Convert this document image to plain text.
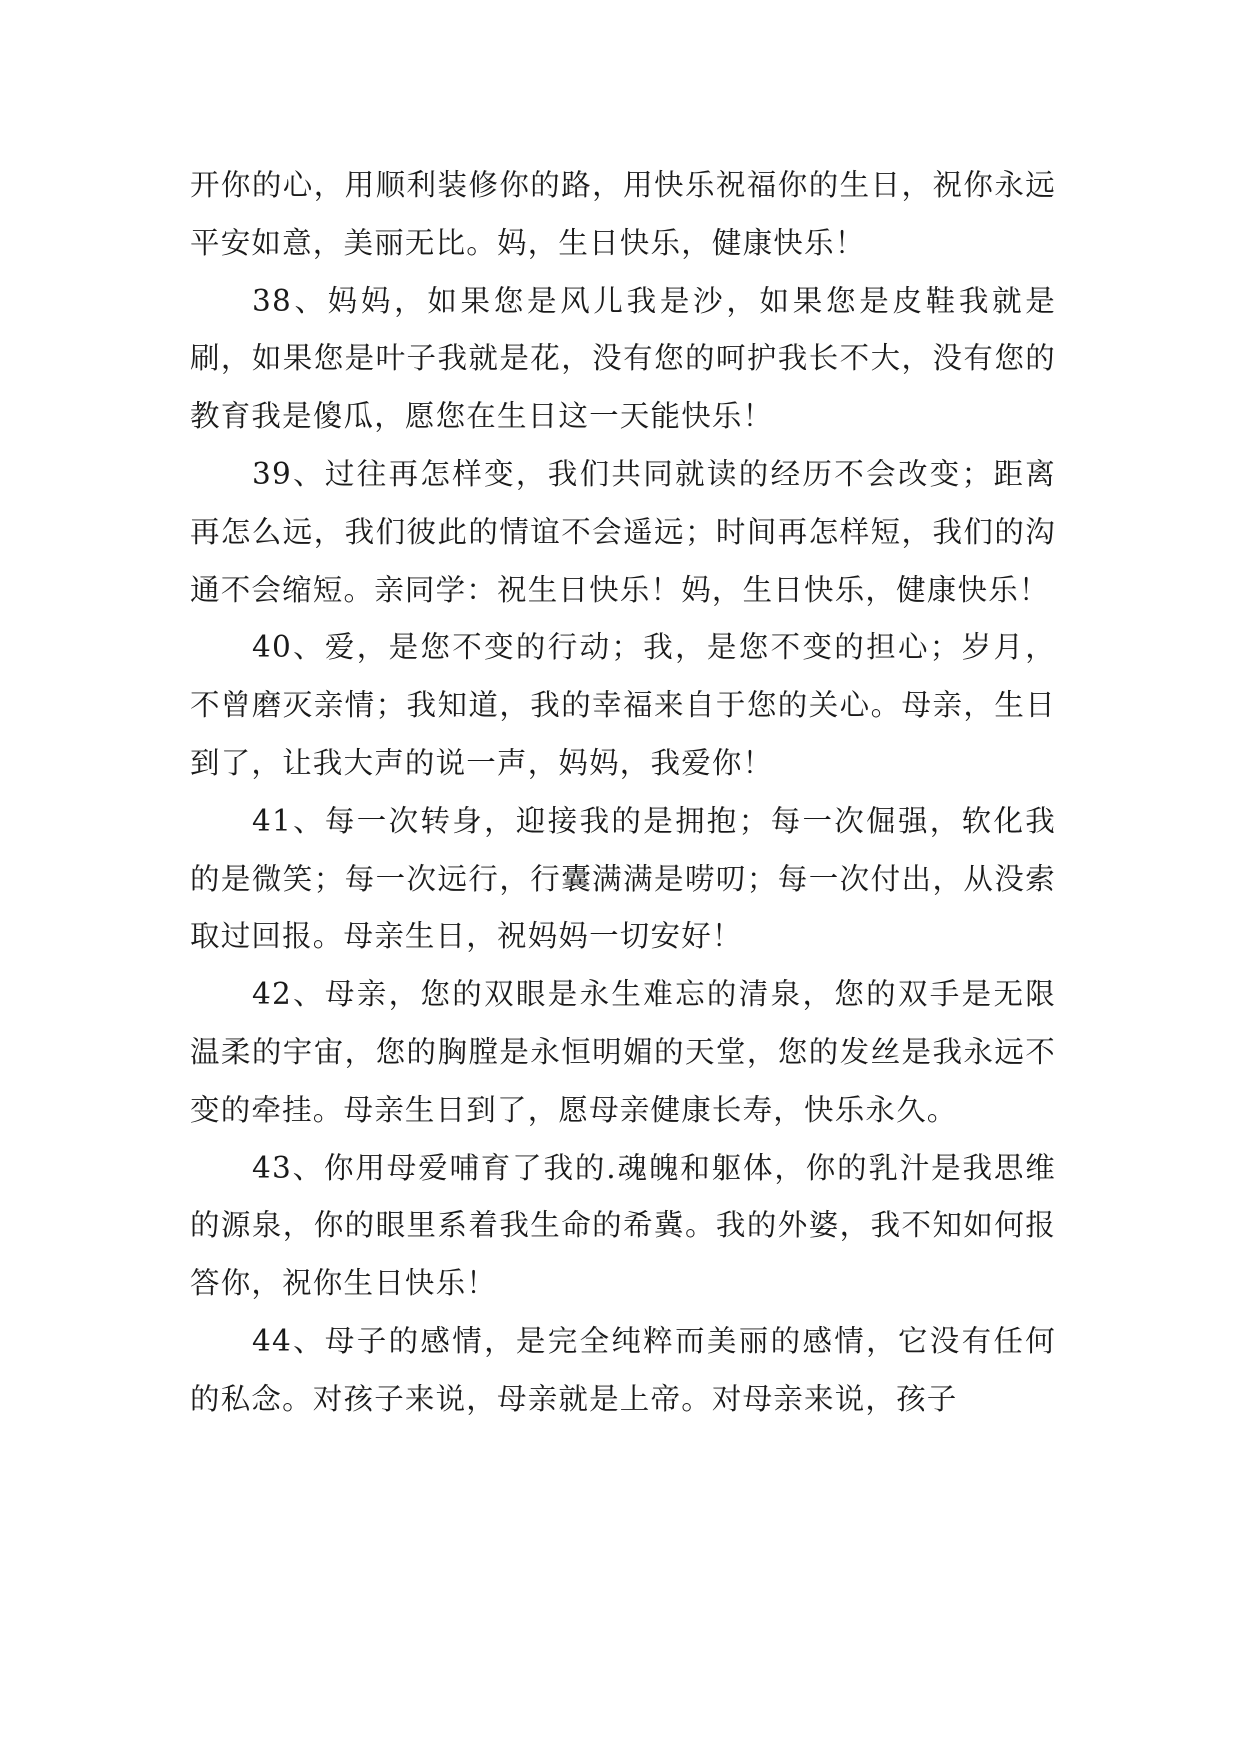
开你的心，用顺利装修你的路，用快乐祝福你的生日，祝你永远平安如意，美丽无比。妈，生日快乐，健康快乐！

38、妈妈，如果您是风儿我是沙，如果您是皮鞋我就是刷，如果您是叶子我就是花，没有您的呵护我长不大，没有您的教育我是傻瓜，愿您在生日这一天能快乐！

39、过往再怎样变，我们共同就读的经历不会改变；距离再怎么远，我们彼此的情谊不会遥远；时间再怎样短，我们的沟通不会缩短。亲同学：祝生日快乐！妈，生日快乐，健康快乐！

40、爱，是您不变的行动；我，是您不变的担心；岁月，不曾磨灭亲情；我知道，我的幸福来自于您的关心。母亲，生日到了，让我大声的说一声，妈妈，我爱你！

41、每一次转身，迎接我的是拥抱；每一次倔强，软化我的是微笑；每一次远行，行囊满满是唠叨；每一次付出，从没索取过回报。母亲生日，祝妈妈一切安好！

42、母亲，您的双眼是永生难忘的清泉，您的双手是无限温柔的宇宙，您的胸膛是永恒明媚的天堂，您的发丝是我永远不变的牵挂。母亲生日到了，愿母亲健康长寿，快乐永久。

43、你用母爱哺育了我的.魂魄和躯体，你的乳汁是我思维的源泉，你的眼里系着我生命的希冀。我的外婆，我不知如何报答你，祝你生日快乐！

44、母子的感情，是完全纯粹而美丽的感情，它没有任何的私念。对孩子来说，母亲就是上帝。对母亲来说，孩子
